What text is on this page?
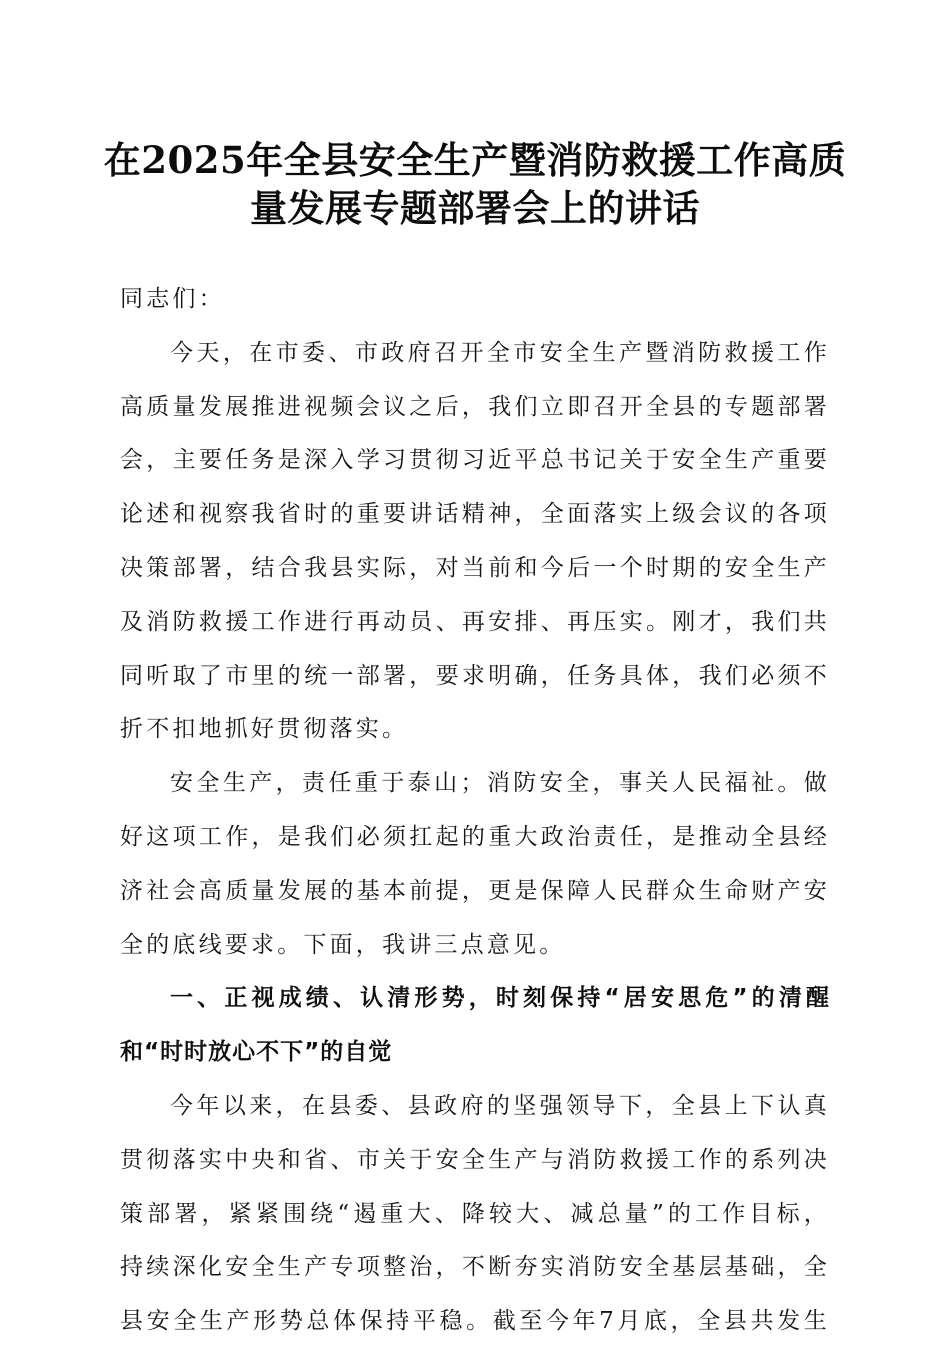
在2025年全县安全生产暨消防救援工作高质
量发展专题部署会上的讲话
同志们：
今天，在市委、市政府召开全市安全生产暨消防救援工作
高质量发展推进视频会议之后，我们立即召开全县的专题部署
会，主要任务是深入学习贯彻习近平总书记关于安全生产重要
论述和视察我省时的重要讲话精神，全面落实上级会议的各项
决策部署，结合我县实际，对当前和今后一个时期的安全生产
及消防救援工作进行再动员、再安排、再压实。刚才，我们共
同听取了市里的统一部署，要求明确，任务具体，我们必须不
折不扣地抓好贯彻落实。
安全生产，责任重于泰山；消防安全，事关人民福祉。做
好这项工作，是我们必须扛起的重大政治责任，是推动全县经
济社会高质量发展的基本前提，更是保障人民群众生命财产安
全的底线要求。下面，我讲三点意见。
一、正视成绩、认清形势，时刻保持“居安思危”的清醒
和“时时放心不下”的自觉
今年以来，在县委、县政府的坚强领导下，全县上下认真
贯彻落实中央和省、市关于安全生产与消防救援工作的系列决
策部署，紧紧围绕“遏重大、降较大、减总量”的工作目标，
持续深化安全生产专项整治，不断夯实消防安全基层基础，全
县安全生产形势总体保持平稳。截至今年7月底，全县共发生
